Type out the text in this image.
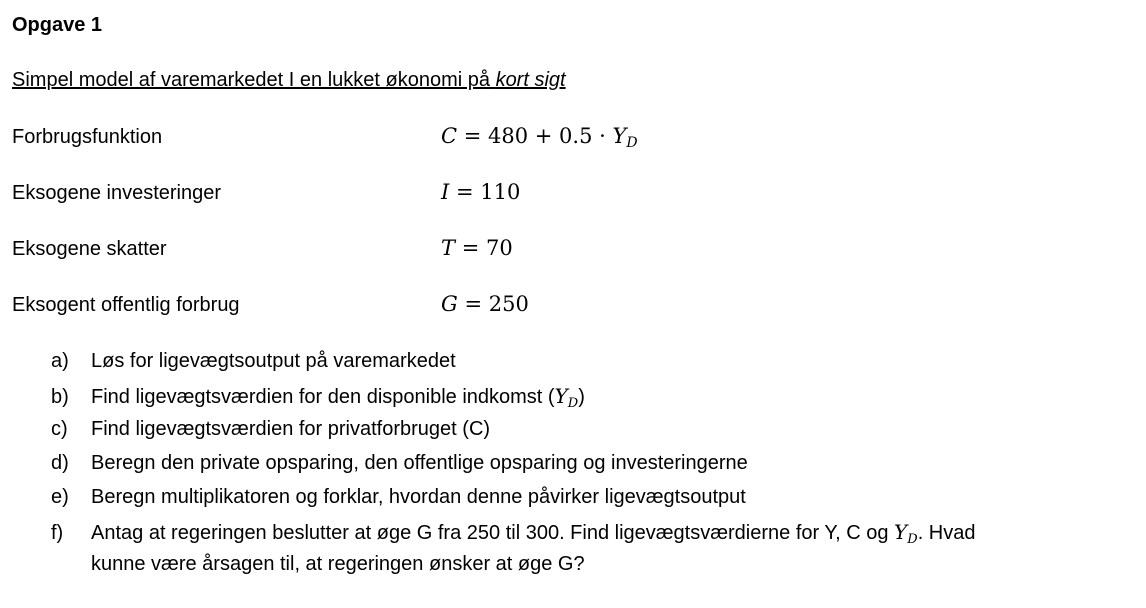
Opgave 1
Simpel model af varemarkedet I en lukket økonomi på kort sigt
Forbrugsfunktion	$C = 480 + 0.5 \cdot Y_D$
Eksogene investeringer	I = 110
Eksogene skatter	T = 70
Eksogent offentlig forbrug	G = 250
a) Løs for ligevægtsoutput på varemarkedet
b) Find ligevægtsværdien for den disponible indkomst $(Y_D)$
c) Find ligevægtsværdien for privatforbruget (C)
d) Beregn den private opsparing, den offentlige opsparing og investeringerne
e) Beregn multiplikatoren og forklar, hvordan denne påvirker ligevægtsoutput
f) Antag at regeringen beslutter at øge G fra 250 til 300. Find ligevægtsværdierne for Y, C og $Y_D$. Hvad
kunne være årsagen til, at regeringen ønsker at øge G?
